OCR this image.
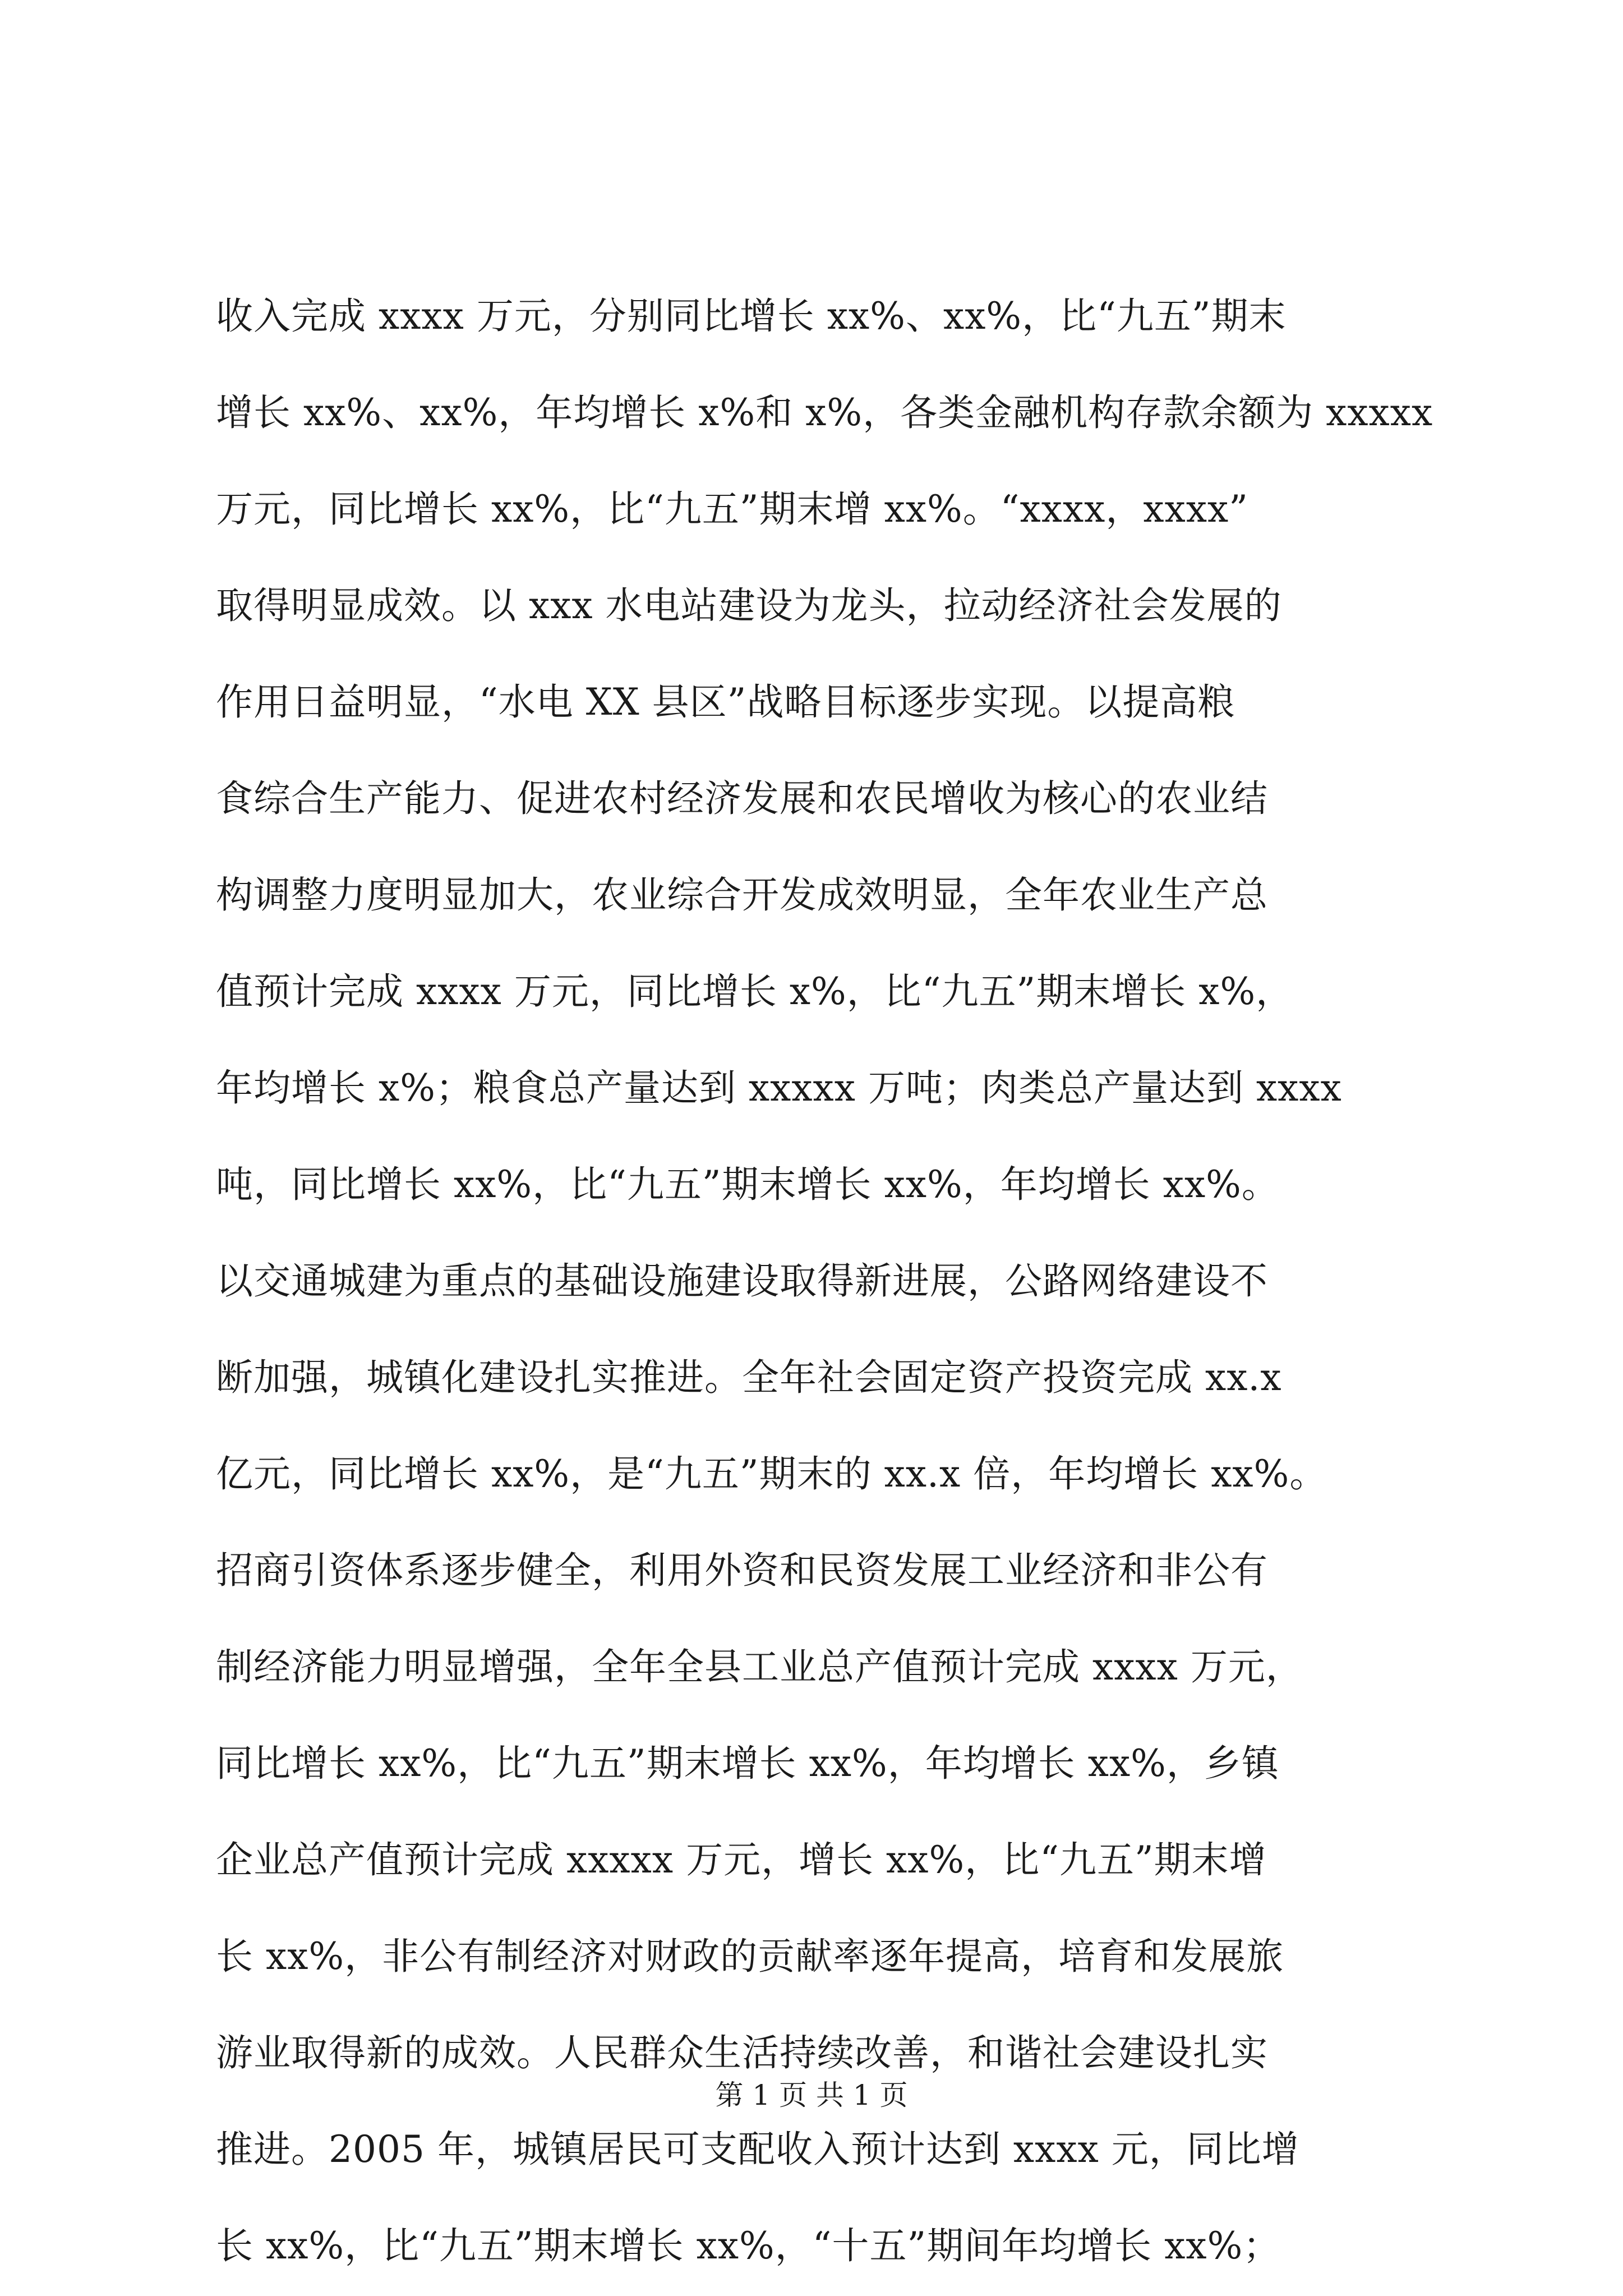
收入完成 xxxx 万元，分别同比增长 xx%、xx%，比“九五”期末
增长 xx%、xx%，年均增长 x%和 x%，各类金融机构存款余额为 xxxxx
万元，同比增长 xx%，比“九五”期末增 xx%。“xxxx，xxxx”
取得明显成效。以 xxx 水电站建设为龙头，拉动经济社会发展的
作用日益明显，“水电 XX 县区”战略目标逐步实现。以提高粮
食综合生产能力、促进农村经济发展和农民增收为核心的农业结
构调整力度明显加大，农业综合开发成效明显，全年农业生产总
值预计完成 xxxx 万元，同比增长 x%，比“九五”期末增长 x%，
年均增长 x%；粮食总产量达到 xxxxx 万吨；肉类总产量达到 xxxx
吨，同比增长 xx%，比“九五”期末增长 xx%，年均增长 xx%。
以交通城建为重点的基础设施建设取得新进展，公路网络建设不
断加强，城镇化建设扎实推进。全年社会固定资产投资完成 xx.x
亿元，同比增长 xx%，是“九五”期末的 xx.x 倍，年均增长 xx%。
招商引资体系逐步健全，利用外资和民资发展工业经济和非公有
制经济能力明显增强，全年全县工业总产值预计完成 xxxx 万元，
同比增长 xx%，比“九五”期末增长 xx%，年均增长 xx%，乡镇
企业总产值预计完成 xxxxx 万元，增长 xx%，比“九五”期末增
长 xx%，非公有制经济对财政的贡献率逐年提高，培育和发展旅
游业取得新的成效。人民群众生活持续改善，和谐社会建设扎实
推进。2005 年，城镇居民可支配收入预计达到 xxxx 元，同比增
长 xx%，比“九五”期末增长 xx%，“十五”期间年均增长 xx%；
第 1 页 共 1 页
